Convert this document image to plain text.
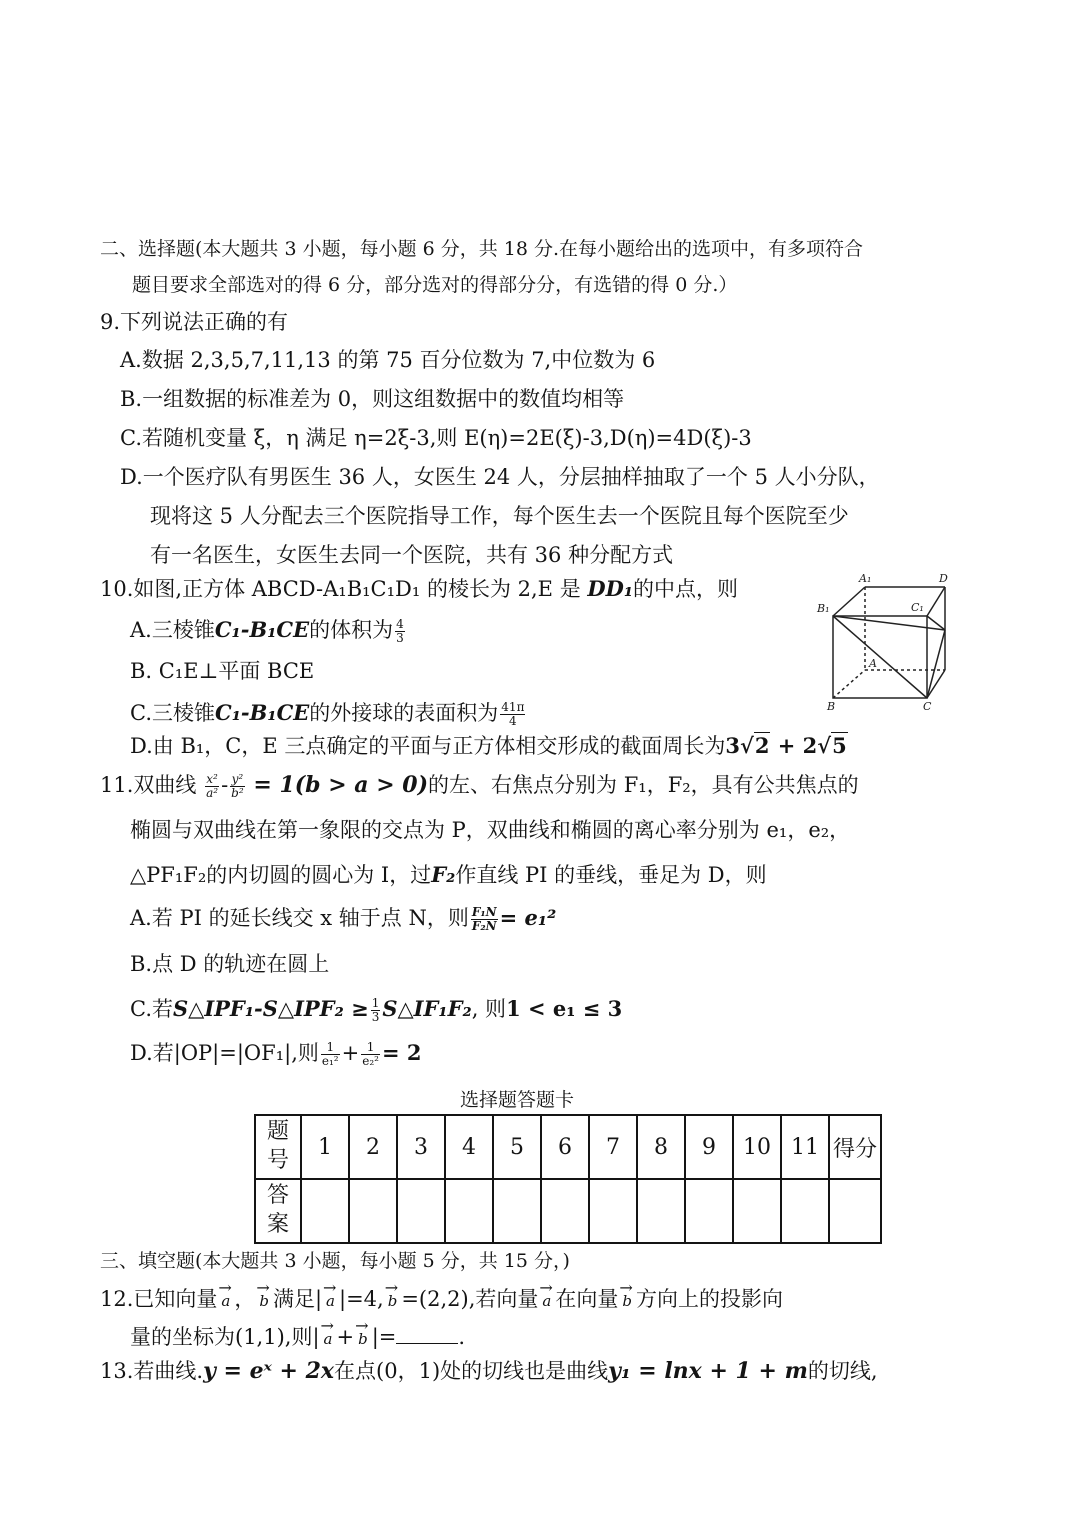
二、选择题(本大题共 3 小题，每小题 6 分，共 18 分.在每小题给出的选项中，有多项符合
题目要求全部选对的得 6 分，部分选对的得部分分，有选错的得 0 分.）
9.下列说法正确的有
A.数据 2,3,5,7,11,13 的第 75 百分位数为 7,中位数为 6
B.一组数据的标准差为 0，则这组数据中的数值均相等
C.若随机变量 ξ，η 满足 η=2ξ-3,则 E(η)=2E(ξ)-3,D(η)=4D(ξ)-3
D.一个医疗队有男医生 36 人，女医生 24 人，分层抽样抽取了一个 5 人小分队，
现将这 5 人分配去三个医院指导工作，每个医生去一个医院且每个医院至少
有一名医生，女医生去同一个医院，共有 36 种分配方式
10.如图,正方体 ABCD-A₁B₁C₁D₁ 的棱长为 2,E 是 DD₁的中点，则
A.三棱锥C₁-B₁CE的体积为 $\frac{4}{3}$
B. C₁E⊥平面 BCE
C.三棱锥C₁-B₁CE的外接球的表面积为 $\frac{41\pi}{4}$
D.由 B₁，C，E 三点确定的平面与正方体相交形成的截面周长为3√2 + 2√5
A₁	D
B₁	C₁
A
B	C
11.双曲线 $\frac{\text{x²}}{\text{a²}} - \frac{\text{y²}}{\text{b²}} = 1(b > a > 0)$的左、右焦点分别为 F₁，F₂，具有公共焦点的
椭圆与双曲线在第一象限的交点为 P，双曲线和椭圆的离心率分别为 e₁，e₂，
△PF₁F₂的内切圆的圆心为 I，过F₂作直线 PI 的垂线，垂足为 D，则
A.若 PI 的延长线交 x 轴于点 N，则 $\frac{\text{F₁N}}{\text{F₂N}} = e_1^2$
B.点 D 的轨迹在圆上
C.若S△IPF₁-S△IPF₂ ≥ $\frac{1}{3}$ S△IF₁F₂, 则1 < e₁ ≤ 3
D.若|OP|=|OF₁|,则 $\frac{1}{\text{e₁²}} + \frac{1}{\text{e₂²}} = 2$
选择题答题卡
题号	1	2	3	4	5	6	7	8	9	10	11	得分
答案												
三、填空题(本大题共 3 小题，每小题 5 分，共 15 分，)
12.已知向量 → a ， → b 满足| → a |=4, → b =(2,2),若向量 → a 在向量 → b 方向上的投影向
量的坐标为(1,1),则| → a + → b |=	.
13.若曲线.y = eˣ + 2x在点(0，1)处的切线也是曲线y₁ = lnx + 1 + m的切线,
